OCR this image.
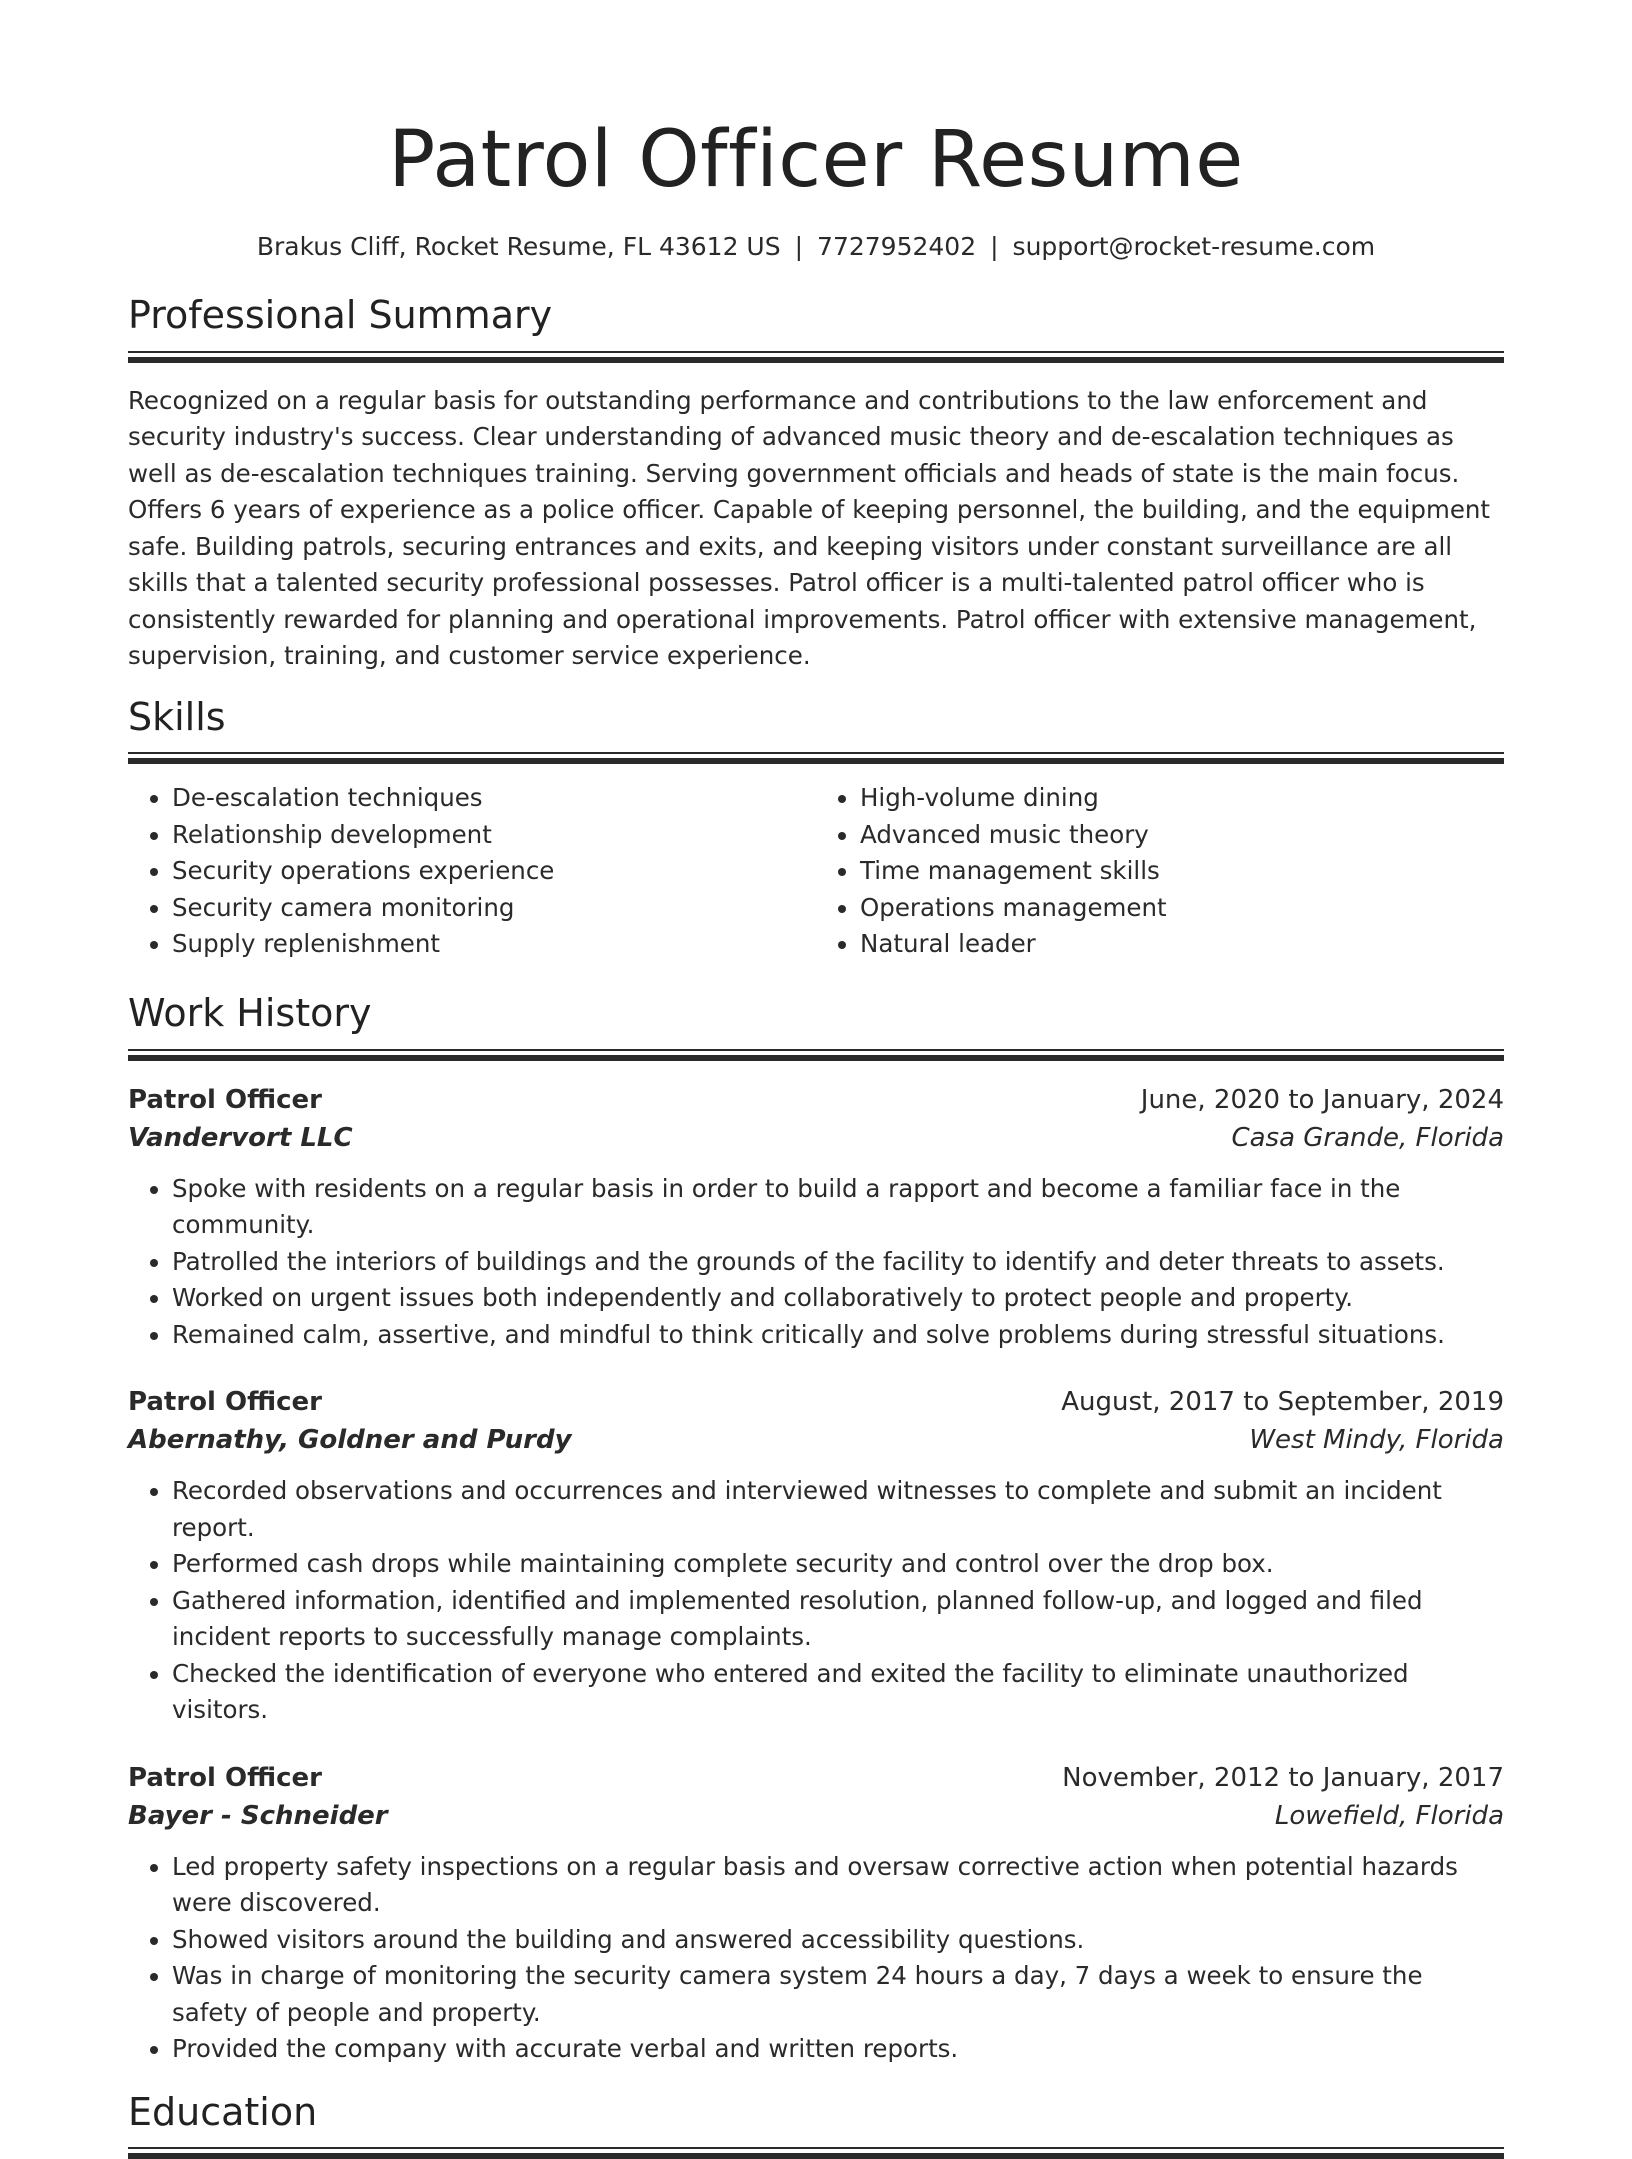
Patrol Officer Resume
Brakus Cliff, Rocket Resume, FL 43612 US | 7727952402 | support@rocket-resume.com
Professional Summary

Recognized on a regular basis for outstanding performance and contributions to the law enforcement and security industry's success. Clear understanding of advanced music theory and de-escalation techniques as well as de-escalation techniques training. Serving government officials and heads of state is the main focus. Offers 6 years of experience as a police officer. Capable of keeping personnel, the building, and the equipment safe. Building patrols, securing entrances and exits, and keeping visitors under constant surveillance are all skills that a talented security professional possesses. Patrol officer is a multi-talented patrol officer who is consistently rewarded for planning and operational improvements. Patrol officer with extensive management, supervision, training, and customer service experience.

Skills
• De-escalation techniques
• Relationship development
• Security operations experience
• Security camera monitoring
• Supply replenishment
• High-volume dining
• Advanced music theory
• Time management skills
• Operations management
• Natural leader
Work History
Patrol Officer	June, 2020 to January, 2024
Vandervort LLC	Casa Grande, Florida
• Spoke with residents on a regular basis in order to build a rapport and become a familiar face in the community.
• Patrolled the interiors of buildings and the grounds of the facility to identify and deter threats to assets.
• Worked on urgent issues both independently and collaboratively to protect people and property.
• Remained calm, assertive, and mindful to think critically and solve problems during stressful situations.
Patrol Officer	August, 2017 to September, 2019
Abernathy, Goldner and Purdy	West Mindy, Florida
• Recorded observations and occurrences and interviewed witnesses to complete and submit an incident report.
• Performed cash drops while maintaining complete security and control over the drop box.
• Gathered information, identified and implemented resolution, planned follow-up, and logged and filed incident reports to successfully manage complaints.
• Checked the identification of everyone who entered and exited the facility to eliminate unauthorized visitors.
Patrol Officer	November, 2012 to January, 2017
Bayer - Schneider	Lowefield, Florida
• Led property safety inspections on a regular basis and oversaw corrective action when potential hazards were discovered.
• Showed visitors around the building and answered accessibility questions.
• Was in charge of monitoring the security camera system 24 hours a day, 7 days a week to ensure the safety of people and property.
• Provided the company with accurate verbal and written reports.
Education
